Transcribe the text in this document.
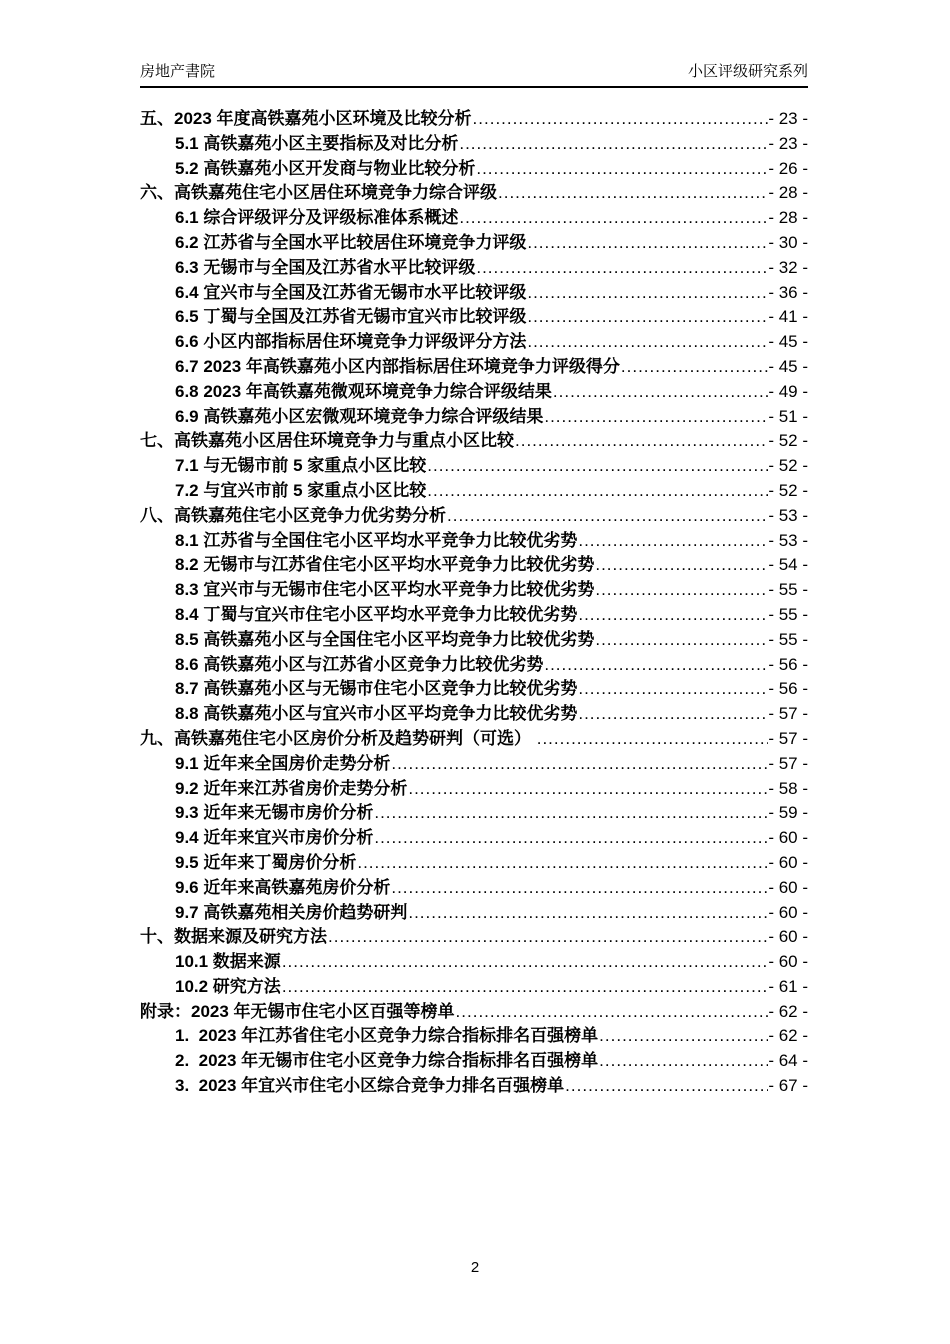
房地产書院	小区评级研究系列
五、2023 年度高铁嘉苑小区环境及比较分析 .....	- 23 -
5.1 高铁嘉苑小区主要指标及对比分析 .....	- 23 -
5.2 高铁嘉苑小区开发商与物业比较分析 .....	- 26 -
六、高铁嘉苑住宅小区居住环境竞争力综合评级 .....	- 28 -
6.1 综合评级评分及评级标准体系概述 .....	- 28 -
6.2 江苏省与全国水平比较居住环境竞争力评级 .....	- 30 -
6.3 无锡市与全国及江苏省水平比较评级 .....	- 32 -
6.4 宜兴市与全国及江苏省无锡市水平比较评级 .....	- 36 -
6.5 丁蜀与全国及江苏省无锡市宜兴市比较评级 .....	- 41 -
6.6 小区内部指标居住环境竞争力评级评分方法 .....	- 45 -
6.7 2023 年高铁嘉苑小区内部指标居住环境竞争力评级得分 .....	- 45 -
6.8 2023 年高铁嘉苑微观环境竞争力综合评级结果 .....	- 49 -
6.9 高铁嘉苑小区宏微观环境竞争力综合评级结果 .....	- 51 -
七、高铁嘉苑小区居住环境竞争力与重点小区比较 .....	- 52 -
7.1 与无锡市前 5 家重点小区比较 .....	- 52 -
7.2 与宜兴市前 5 家重点小区比较 .....	- 52 -
八、高铁嘉苑住宅小区竞争力优劣势分析 .....	- 53 -
8.1 江苏省与全国住宅小区平均水平竞争力比较优劣势 .....	- 53 -
8.2 无锡市与江苏省住宅小区平均水平竞争力比较优劣势 .....	- 54 -
8.3 宜兴市与无锡市住宅小区平均水平竞争力比较优劣势 .....	- 55 -
8.4 丁蜀与宜兴市住宅小区平均水平竞争力比较优劣势 .....	- 55 -
8.5 高铁嘉苑小区与全国住宅小区平均竞争力比较优劣势 .....	- 55 -
8.6 高铁嘉苑小区与江苏省小区竞争力比较优劣势 .....	- 56 -
8.7 高铁嘉苑小区与无锡市住宅小区竞争力比较优劣势 .....	- 56 -
8.8 高铁嘉苑小区与宜兴市小区平均竞争力比较优劣势 .....	- 57 -
九、高铁嘉苑住宅小区房价分析及趋势研判（可选） .....	- 57 -
9.1 近年来全国房价走势分析 .....	- 57 -
9.2 近年来江苏省房价走势分析 .....	- 58 -
9.3 近年来无锡市房价分析 .....	- 59 -
9.4 近年来宜兴市房价分析 .....	- 60 -
9.5 近年来丁蜀房价分析 .....	- 60 -
9.6 近年来高铁嘉苑房价分析 .....	- 60 -
9.7 高铁嘉苑相关房价趋势研判 .....	- 60 -
十、数据来源及研究方法 .....	- 60 -
10.1 数据来源 .....	- 60 -
10.2 研究方法 .....	- 61 -
附录：2023 年无锡市住宅小区百强等榜单 .....	- 62 -
1.  2023 年江苏省住宅小区竞争力综合指标排名百强榜单 .....	- 62 -
2.  2023 年无锡市住宅小区竞争力综合指标排名百强榜单 .....	- 64 -
3.  2023 年宜兴市住宅小区综合竞争力排名百强榜单 .....	- 67 -
2
